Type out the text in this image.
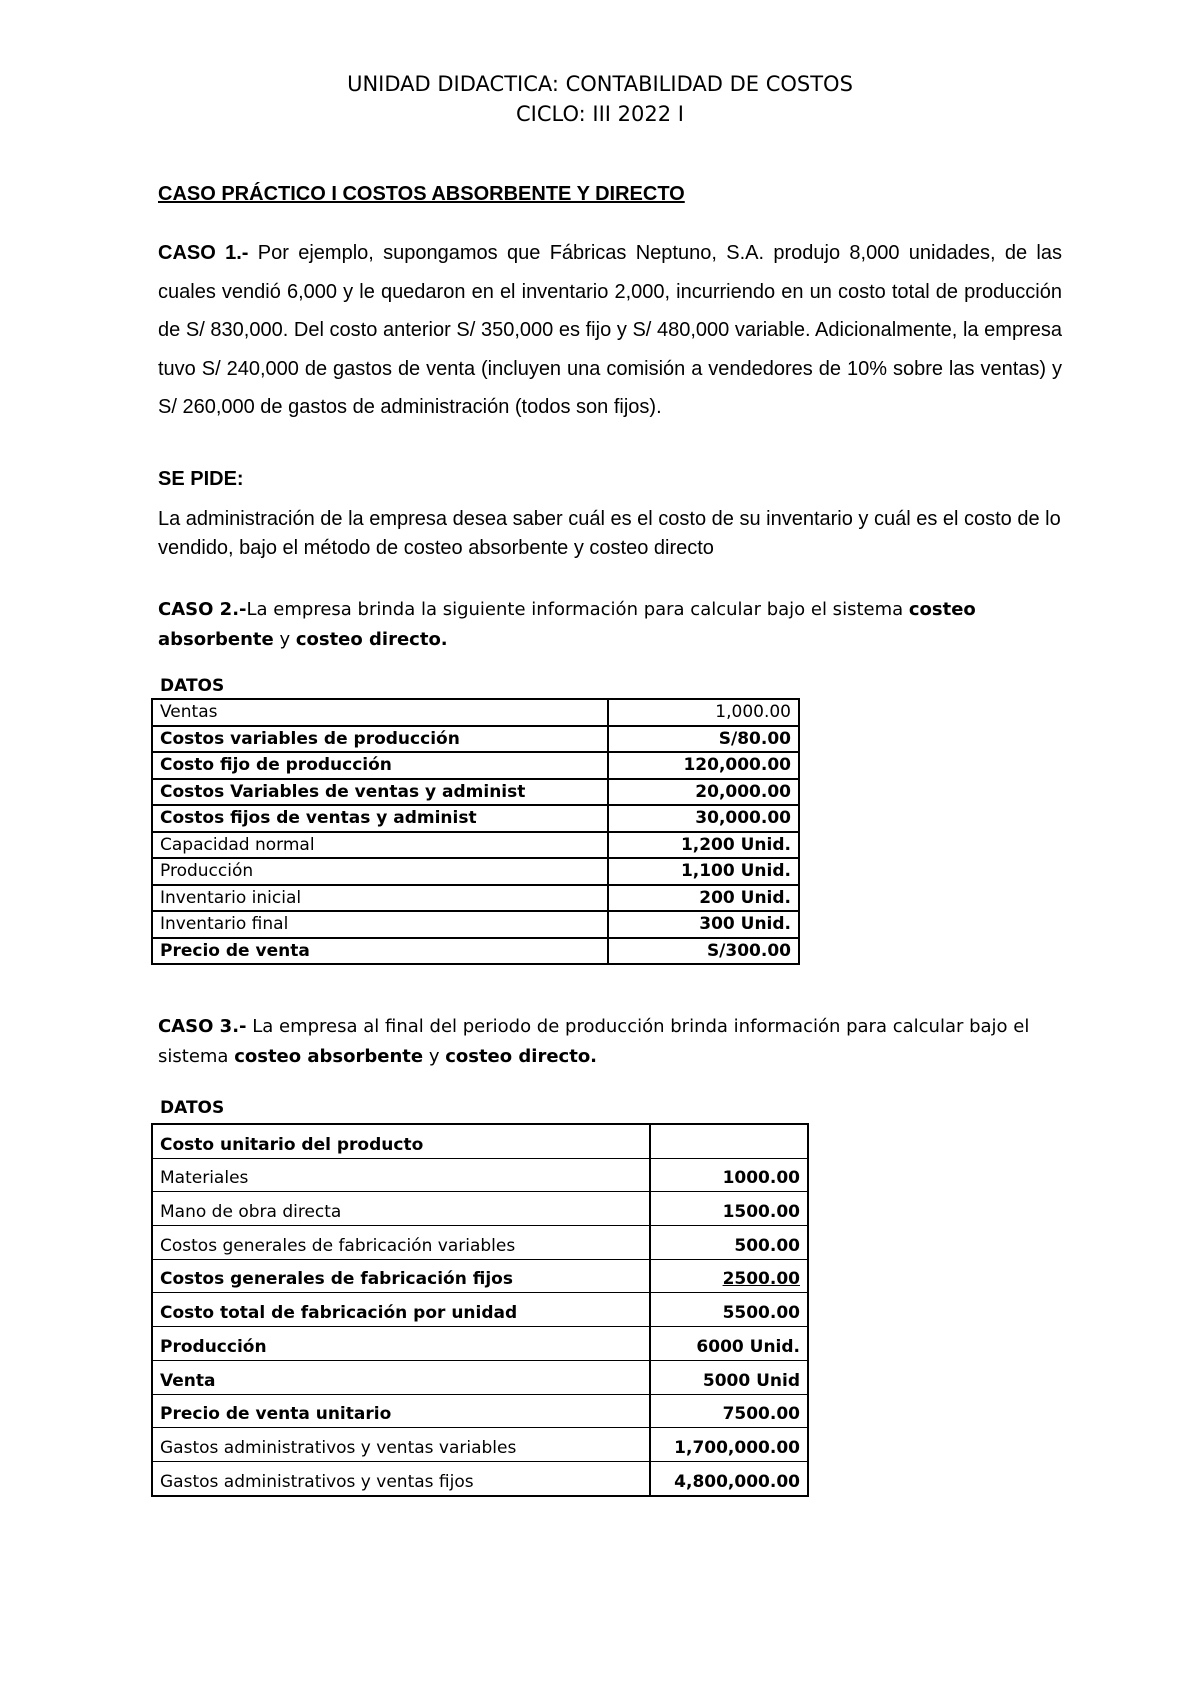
UNIDAD DIDACTICA: CONTABILIDAD DE COSTOS
CICLO: III 2022 I
CASO PRÁCTICO I COSTOS ABSORBENTE Y DIRECTO
CASO 1.- Por ejemplo, supongamos que Fábricas Neptuno, S.A. produjo 8,000 unidades, de las cuales vendió 6,000 y le quedaron en el inventario 2,000, incurriendo en un costo total de producción de S/ 830,000. Del costo anterior S/ 350,000 es fijo y S/ 480,000 variable. Adicionalmente, la empresa tuvo S/ 240,000 de gastos de venta (incluyen una comisión a vendedores de 10% sobre las ventas) y S/ 260,000 de gastos de administración (todos son fijos).
SE PIDE:
La administración de la empresa desea saber cuál es el costo de su inventario y cuál es el costo de lo vendido, bajo el método de costeo absorbente y costeo directo
CASO 2.-La empresa brinda la siguiente información para calcular bajo el sistema costeo absorbente y costeo directo.
DATOS
Ventas	1,000.00
Costos variables de producción	S/80.00
Costo fijo de producción	120,000.00
Costos Variables de ventas y administ	20,000.00
Costos fijos de ventas y administ	30,000.00
Capacidad normal	1,200 Unid.
Producción	1,100 Unid.
Inventario inicial	200 Unid.
Inventario final	300 Unid.
Precio de venta	S/300.00
CASO 3.- La empresa al final del periodo de producción brinda información para calcular bajo el sistema costeo absorbente y costeo directo.
DATOS
Costo unitario del producto	
Materiales	1000.00
Mano de obra directa	1500.00
Costos generales de fabricación variables	500.00
Costos generales de fabricación fijos	2500.00
Costo total de fabricación por unidad	5500.00
Producción	6000 Unid.
Venta	5000 Unid
Precio de venta unitario	7500.00
Gastos administrativos y ventas variables	1,700,000.00
Gastos administrativos y ventas fijos	4,800,000.00
